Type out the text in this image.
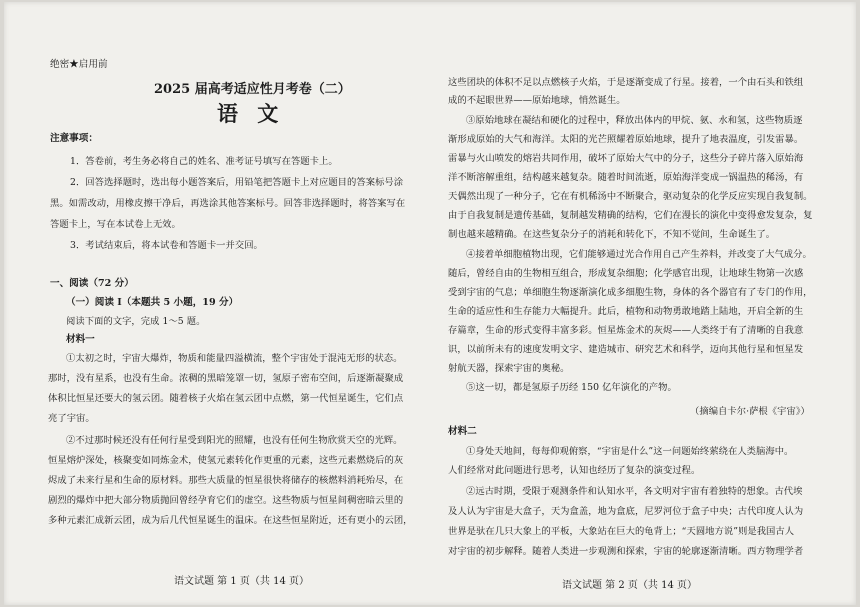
绝密★启用前
2025 届高考适应性月考卷（二）
语 文
注意事项：
1．答卷前，考生务必将自己的姓名、准考证号填写在答题卡上。
2．回答选择题时，选出每小题答案后，用铅笔把答题卡上对应题目的答案标号涂
黑。如需改动，用橡皮擦干净后，再选涂其他答案标号。回答非选择题时，将答案写在
答题卡上，写在本试卷上无效。
3．考试结束后，将本试卷和答题卡一并交回。
一、阅读（72 分）
（一）阅读 I（本题共 5 小题，19 分）
阅读下面的文字，完成 1～5 题。
材料一
①太初之时，宇宙大爆炸，物质和能量四溢横流，整个宇宙处于混沌无形的状态。
那时，没有星系，也没有生命。浓稠的黑暗笼罩一切，氢原子密布空间，后逐渐凝聚成
体积比恒星还要大的氢云团。随着核子火焰在氢云团中点燃，第一代恒星诞生，它们点
亮了宇宙。
②不过那时候还没有任何行星受到阳光的照耀，也没有任何生物欣赏天空的光辉。
恒星熔炉深处，核聚变如同炼金术，使氢元素转化作更重的元素，这些元素燃烧后的灰
烬成了未来行星和生命的原材料。那些大质量的恒星很快将储存的核燃料消耗殆尽，在
剧烈的爆炸中把大部分物质抛回曾经孕育它们的虚空。这些物质与恒星间稠密暗云里的
多种元素汇成新云团，成为后几代恒星诞生的温床。在这些恒星附近，还有更小的云团，
语文试题 第 1 页（共 14 页）
这些团块的体积不足以点燃核子火焰，于是逐渐变成了行星。接着，一个由石头和铁组
成的不起眼世界——原始地球，悄然诞生。
③原始地球在凝结和硬化的过程中，释放出体内的甲烷、氨、水和氢，这些物质逐
渐形成原始的大气和海洋。太阳的光芒照耀着原始地球，提升了地表温度，引发雷暴。
雷暴与火山喷发的熔岩共同作用，破坏了原始大气中的分子，这些分子碎片落入原始海
洋不断溶解重组，结构越来越复杂。随着时间流逝，原始海洋变成一锅温热的稀汤，有
天偶然出现了一种分子，它在有机稀汤中不断聚合，驱动复杂的化学反应实现自我复制。
由于自我复制是遗传基础，复制越发精确的结构，它们在漫长的演化中变得愈发复杂，复
制也越来越精确。在这些复杂分子的消耗和转化下，不知不觉间，生命诞生了。
④接着单细胞植物出现，它们能够通过光合作用自己产生养料，并改变了大气成分。
随后，曾经自由的生物相互组合，形成复杂细胞；化学感官出现，让地球生物第一次感
受到宇宙的气息；单细胞生物逐渐演化成多细胞生物，身体的各个器官有了专门的作用，
生命的适应性和生存能力大幅提升。此后，植物和动物勇敢地踏上陆地，开启全新的生
存篇章，生命的形式变得丰富多彩。恒星炼金术的灰烬——人类终于有了清晰的自我意
识，以前所未有的速度发明文字、建造城市、研究艺术和科学，迈向其他行星和恒星发
射航天器，探索宇宙的奥秘。
⑤这一切，都是氢原子历经 150 亿年演化的产物。
（摘编自卡尔·萨根《宇宙》）
材料二
①身处天地间，每每仰观俯察，“宇宙是什么”这一问题始终萦绕在人类脑海中。
人们经常对此问题进行思考，认知也经历了复杂的演变过程。
②远古时期，受限于观测条件和认知水平，各文明对宇宙有着独特的想象。古代埃
及人认为宇宙是大盒子，天为盒盖，地为盒底，尼罗河位于盒子中央；古代印度人认为
世界是驮在几只大象上的平板，大象站在巨大的龟背上；“天圆地方说”则是我国古人
对宇宙的初步解释。随着人类进一步观测和探索，宇宙的轮廓逐渐清晰。西方物理学者
语文试题 第 2 页（共 14 页）
